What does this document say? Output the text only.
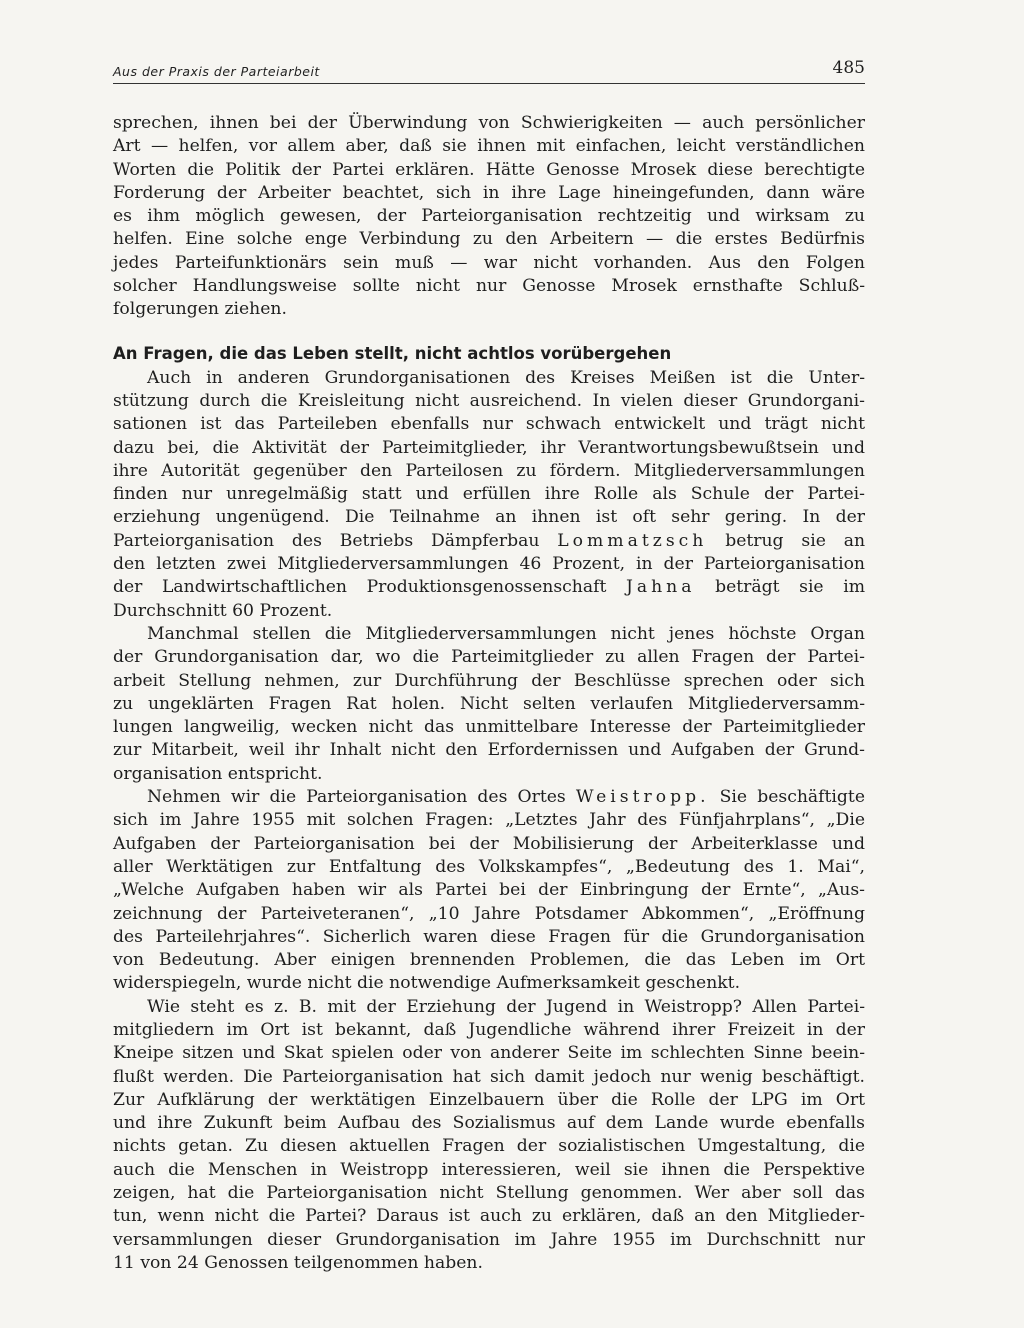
Aus der Praxis der Parteiarbeit	485
sprechen, ihnen bei der Überwindung von Schwierigkeiten — auch persönlicher
Art — helfen, vor allem aber, daß sie ihnen mit einfachen, leicht verständlichen
Worten die Politik der Partei erklären. Hätte Genosse Mrosek diese berechtigte
Forderung der Arbeiter beachtet, sich in ihre Lage hineingefunden, dann wäre
es ihm möglich gewesen, der Parteiorganisation rechtzeitig und wirksam zu
helfen. Eine solche enge Verbindung zu den Arbeitern — die erstes Bedürfnis
jedes Parteifunktionärs sein muß — war nicht vorhanden. Aus den Folgen
solcher Handlungsweise sollte nicht nur Genosse Mrosek ernsthafte Schluß-
folgerungen ziehen.
An Fragen, die das Leben stellt, nicht achtlos vorübergehen
Auch in anderen Grundorganisationen des Kreises Meißen ist die Unter-
stützung durch die Kreisleitung nicht ausreichend. In vielen dieser Grundorgani-
sationen ist das Parteileben ebenfalls nur schwach entwickelt und trägt nicht
dazu bei, die Aktivität der Parteimitglieder, ihr Verantwortungsbewußtsein und
ihre Autorität gegenüber den Parteilosen zu fördern. Mitgliederversammlungen
finden nur unregelmäßig statt und erfüllen ihre Rolle als Schule der Partei-
erziehung ungenügend. Die Teilnahme an ihnen ist oft sehr gering. In der
Parteiorganisation des Betriebs Dämpferbau Lommatzsch betrug sie an
den letzten zwei Mitgliederversammlungen 46 Prozent, in der Parteiorganisation
der Landwirtschaftlichen Produktionsgenossenschaft Jahna beträgt sie im
Durchschnitt 60 Prozent.
Manchmal stellen die Mitgliederversammlungen nicht jenes höchste Organ
der Grundorganisation dar, wo die Parteimitglieder zu allen Fragen der Partei-
arbeit Stellung nehmen, zur Durchführung der Beschlüsse sprechen oder sich
zu ungeklärten Fragen Rat holen. Nicht selten verlaufen Mitgliederversamm-
lungen langweilig, wecken nicht das unmittelbare Interesse der Parteimitglieder
zur Mitarbeit, weil ihr Inhalt nicht den Erfordernissen und Aufgaben der Grund-
organisation entspricht.
Nehmen wir die Parteiorganisation des Ortes Weistropp. Sie beschäftigte
sich im Jahre 1955 mit solchen Fragen: „Letztes Jahr des Fünfjahrplans“, „Die
Aufgaben der Parteiorganisation bei der Mobilisierung der Arbeiterklasse und
aller Werktätigen zur Entfaltung des Volkskampfes“, „Bedeutung des 1. Mai“,
„Welche Aufgaben haben wir als Partei bei der Einbringung der Ernte“, „Aus-
zeichnung der Parteiveteranen“, „10 Jahre Potsdamer Abkommen“, „Eröffnung
des Parteilehrjahres“. Sicherlich waren diese Fragen für die Grundorganisation
von Bedeutung. Aber einigen brennenden Problemen, die das Leben im Ort
widerspiegeln, wurde nicht die notwendige Aufmerksamkeit geschenkt.
Wie steht es z. B. mit der Erziehung der Jugend in Weistropp? Allen Partei-
mitgliedern im Ort ist bekannt, daß Jugendliche während ihrer Freizeit in der
Kneipe sitzen und Skat spielen oder von anderer Seite im schlechten Sinne beein-
flußt werden. Die Parteiorganisation hat sich damit jedoch nur wenig beschäftigt.
Zur Aufklärung der werktätigen Einzelbauern über die Rolle der LPG im Ort
und ihre Zukunft beim Aufbau des Sozialismus auf dem Lande wurde ebenfalls
nichts getan. Zu diesen aktuellen Fragen der sozialistischen Umgestaltung, die
auch die Menschen in Weistropp interessieren, weil sie ihnen die Perspektive
zeigen, hat die Parteiorganisation nicht Stellung genommen. Wer aber soll das
tun, wenn nicht die Partei? Daraus ist auch zu erklären, daß an den Mitglieder-
versammlungen dieser Grundorganisation im Jahre 1955 im Durchschnitt nur
11 von 24 Genossen teilgenommen haben.
